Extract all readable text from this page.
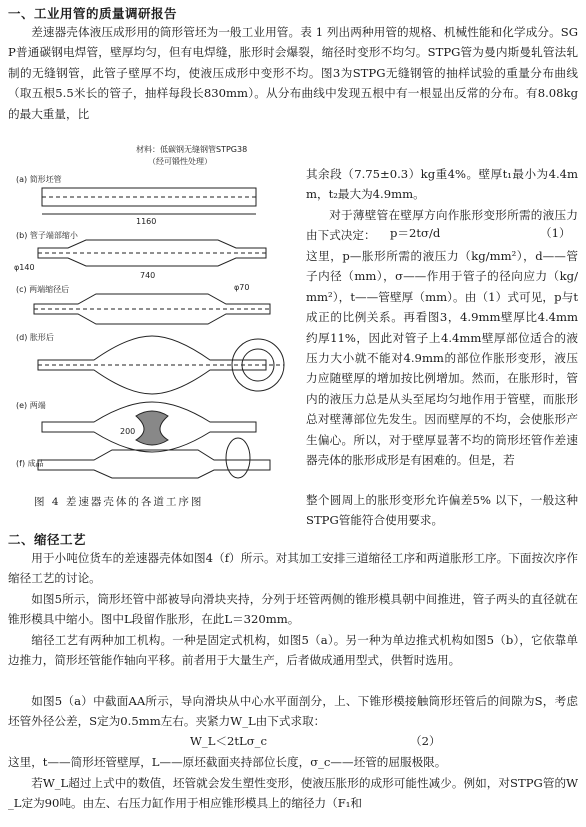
一、工业用管的质量调研报告

差速器壳体液压成形用的筒形管坯为一般工业用管。表 1 列出两种用管的规格、机械性能和化学成分。SGP普通碳钢电焊管，壁厚均匀，但有电焊缝，胀形时会爆裂，缩径时变形不均匀。STPG管为曼内斯曼轧管法轧制的无缝钢管，此管子壁厚不均，使液压成形中变形不均。图3为STPG无缝钢管的抽样试验的重量分布曲线（取五根5.5米长的管子，抽样每段长830mm）。从分布曲线中发现五根中有一根显出反常的分布。有8.08kg的最大重量，比

其余段（7.75±0.3）kg重4%。壁厚t₁最小为4.4mm，t₂最大为4.9mm。

对于薄壁管在壁厚方向作胀形变形所需的液压力由下式决定：	p＝2tσ/d	（1）

这里，p—胀形所需的液压力（kg/mm²），d——管子内径（mm），σ——作用于管子的径向应力（kg/mm²），t——管壁厚（mm）。由（1）式可见，p与t成正的比例关系。再看图3，4.9mm壁厚比4.4mm约厚11%，因此对管子上4.4mm壁厚部位适合的液压力大小就不能对4.9mm的部位作胀形变形，液压力应随壁厚的增加按比例增加。然而，在胀形时，管内的液压力总是从头至尾均匀地作用于管壁，而胀形总对壁薄部位先发生。因而壁厚的不均，会使胀形产生偏心。所以，对于壁厚显著不均的筒形坯管作差速器壳体的胀形成形是有困难的。但是，若

整个圆周上的胀形变形允许偏差5% 以下，一般这种STPG管能符合使用要求。

材料：低碳钢无缝钢管STPG38
（经可锻性处理）
(a) 简形坯管
1160
(b) 管子端部缩小
740
(c) 两端缩径后
(d) 胀形后
(e) 两端
(f) 成品
φ140
φ70
200
图 4 差速器壳体的各道工序图
二、缩径工艺

用于小吨位货车的差速器壳体如图4（f）所示。对其加工安排三道缩径工序和两道胀形工序。下面按次序作缩径工艺的讨论。

如图5所示，筒形坯管中部被导向滑块夹持，分列于坯管两侧的锥形模具朝中间推进，管子两头的直径就在锥形模具中缩小。图中L段留作胀形，在此L＝320mm。

缩径工艺有两种加工机构。一种是固定式机构，如图5（a）。另一种为单边推式机构如图5（b），它依靠单边推力，简形坯管能作轴向平移。前者用于大量生产，后者做成通用型式，供暂时选用。

如图5（a）中截面AA所示，导向滑块从中心水平面剖分，上、下锥形模接触筒形坯管后的间隙为S，考虑坯管外径公差，S定为0.5mm左右。夹紧力W_L由下式求取：

W_L＜2tLσ_c	（2）

这里，t——简形坯管壁厚，L——原坯截面夹持部位长度，σ_c——坯管的屈服极限。

若W_L超过上式中的数值，坯管就会发生塑性变形，使液压胀形的成形可能性减少。例如，对STPG管的W_L定为90吨。由左、右压力缸作用于相应锥形模具上的缩径力（F₁和
